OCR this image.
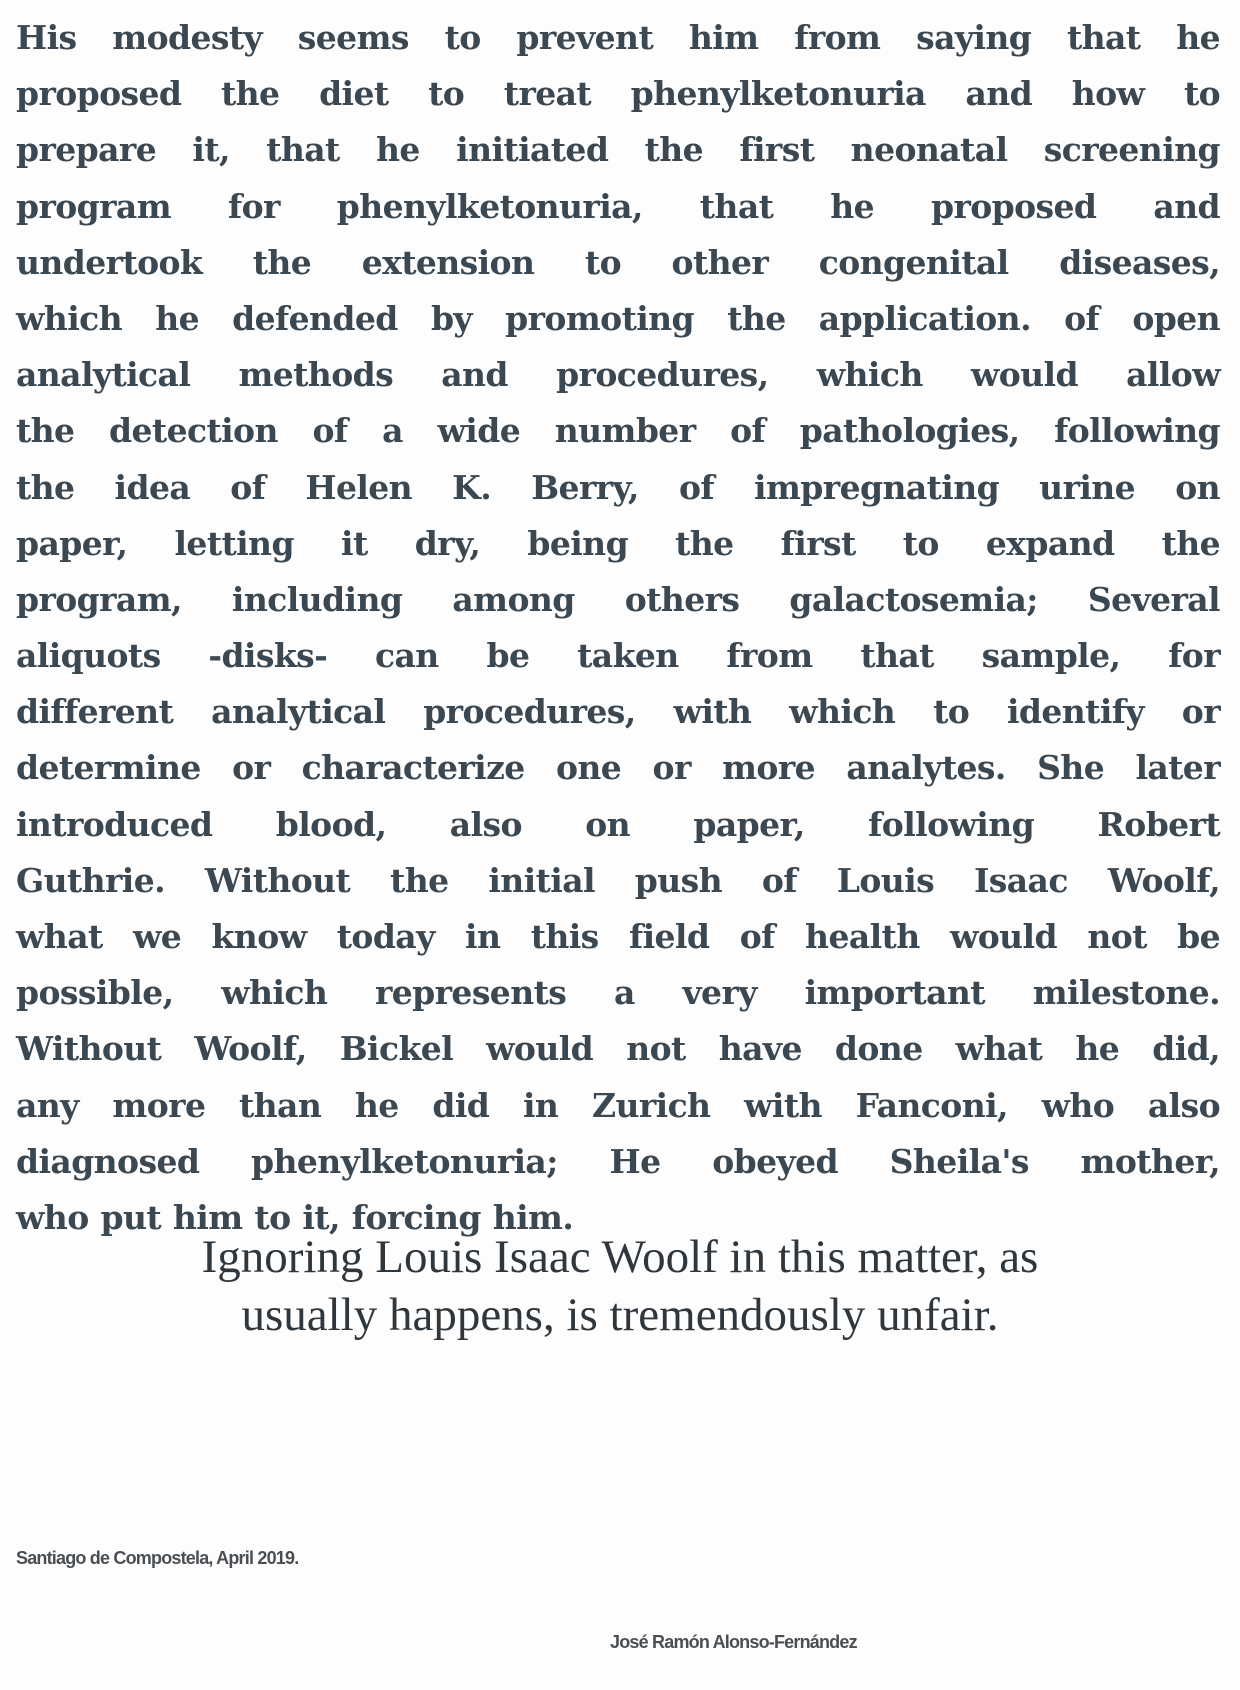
His modesty seems to prevent him from saying that he
proposed the diet to treat phenylketonuria and how to
prepare it, that he initiated the first neonatal screening
program for phenylketonuria, that he proposed and
undertook the extension to other congenital diseases,
which he defended by promoting the application. of open
analytical methods and procedures, which would allow
the detection of a wide number of pathologies, following
the idea of Helen K. Berry, of impregnating urine on
paper, letting it dry, being the first to expand the
program, including among others galactosemia; Several
aliquots -disks- can be taken from that sample, for
different analytical procedures, with which to identify or
determine or characterize one or more analytes. She later
introduced blood, also on paper, following Robert
Guthrie. Without the initial push of Louis Isaac Woolf,
what we know today in this field of health would not be
possible, which represents a very important milestone.
Without Woolf, Bickel would not have done what he did,
any more than he did in Zurich with Fanconi, who also
diagnosed phenylketonuria; He obeyed Sheila's mother,
who put him to it, forcing him.
Ignoring Louis Isaac Woolf in this matter, as
usually happens, is tremendously unfair.
Santiago de Compostela, April 2019.
José Ramón Alonso-Fernández
